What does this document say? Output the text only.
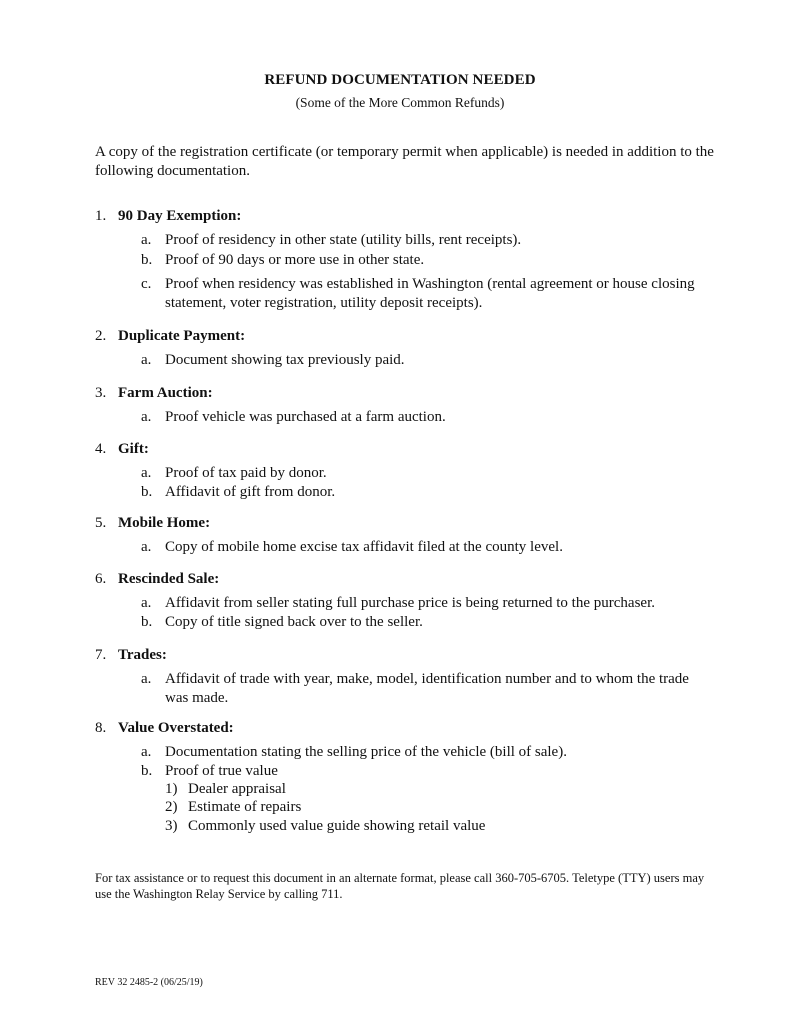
REFUND DOCUMENTATION NEEDED
(Some of the More Common Refunds)
A copy of the registration certificate (or temporary permit when applicable) is needed in addition to the following documentation.
1. 90 Day Exemption:
a. Proof of residency in other state (utility bills, rent receipts).
b. Proof of 90 days or more use in other state.
c. Proof when residency was established in Washington (rental agreement or house closing statement, voter registration, utility deposit receipts).
2. Duplicate Payment:
a. Document showing tax previously paid.
3. Farm Auction:
a. Proof vehicle was purchased at a farm auction.
4. Gift:
a. Proof of tax paid by donor.
b. Affidavit of gift from donor.
5. Mobile Home:
a. Copy of mobile home excise tax affidavit filed at the county level.
6. Rescinded Sale:
a. Affidavit from seller stating full purchase price is being returned to the purchaser.
b. Copy of title signed back over to the seller.
7. Trades:
a. Affidavit of trade with year, make, model, identification number and to whom the trade was made.
8. Value Overstated:
a. Documentation stating the selling price of the vehicle (bill of sale).
b. Proof of true value
1) Dealer appraisal
2) Estimate of repairs
3) Commonly used value guide showing retail value
For tax assistance or to request this document in an alternate format, please call 360-705-6705. Teletype (TTY) users may use the Washington Relay Service by calling 711.
REV 32 2485-2 (06/25/19)
